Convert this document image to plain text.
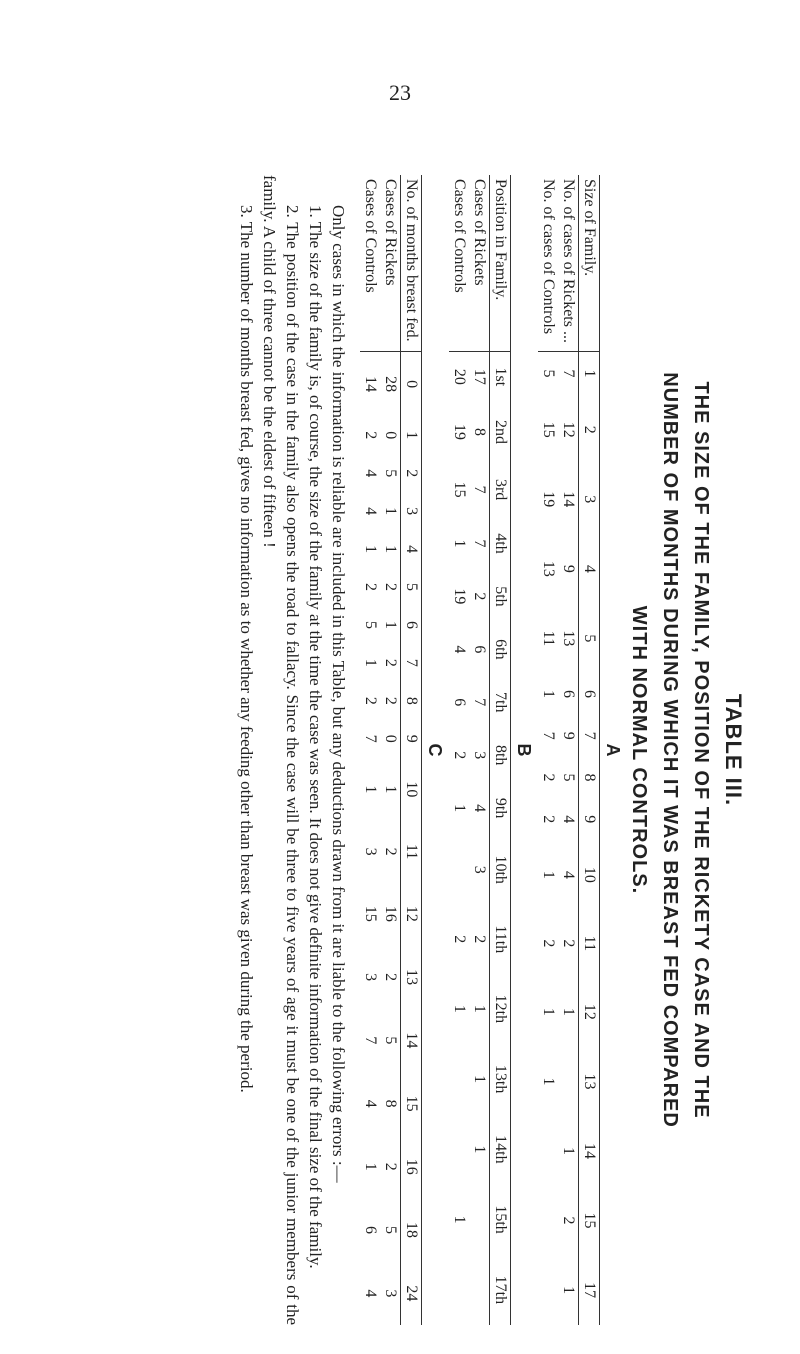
23
TABLE III.
THE SIZE OF THE FAMILY, POSITION OF THE RICKETY CASE AND THE
NUMBER OF MONTHS DURING WHICH IT WAS BREAST FED COMPARED
WITH NORMAL CONTROLS.
A
Size of Family.	1	2	3	4	5	6	7	8	9	10	11	12	13	14	15	17
No. of cases of Rickets ...	7	12	14	9	13	6	9	5	4	4	2	1		1	2	1
No. of cases of Controls	5	15	19	13	11	1	7	2	2	1	2	1	1			
B
Position in Family.	1st	2nd	3rd	4th	5th	6th	7th	8th	9th	10th	11th	12th	13th	14th	15th	17th
Cases of Rickets	17	8	7	7	2	6	7	3	4	3	2	1	1	1		
Cases of Controls	20	19	15	1	19	4	6	2	1		2	1			1	
C
No. of months breast fed.	0	1	2	3	4	5	6	7	8	9	10	11	12	13	14	15	16	18	24
Cases of Rickets	28	0	5	1	1	2	1	2	2	0	1	2	16	2	5	8	2	5	3
Cases of Controls	14	2	4	4	1	2	5	1	2	7	1	3	15	3	7	4	1	6	4

Only cases in which the information is reliable are included in this Table, but any deductions drawn from it are liable to the following errors :—

1. The size of the family is, of course, the size of the family at the time the case was seen. It does not give definite information of the final size of the family.

2. The position of the case in the family also opens the road to fallacy. Since the case will be three to five years of age it must be one of the junior members of the family. A child of three cannot be the eldest of fifteen !

3. The number of months breast fed, gives no information as to whether any feeding other than breast was given during the period.
